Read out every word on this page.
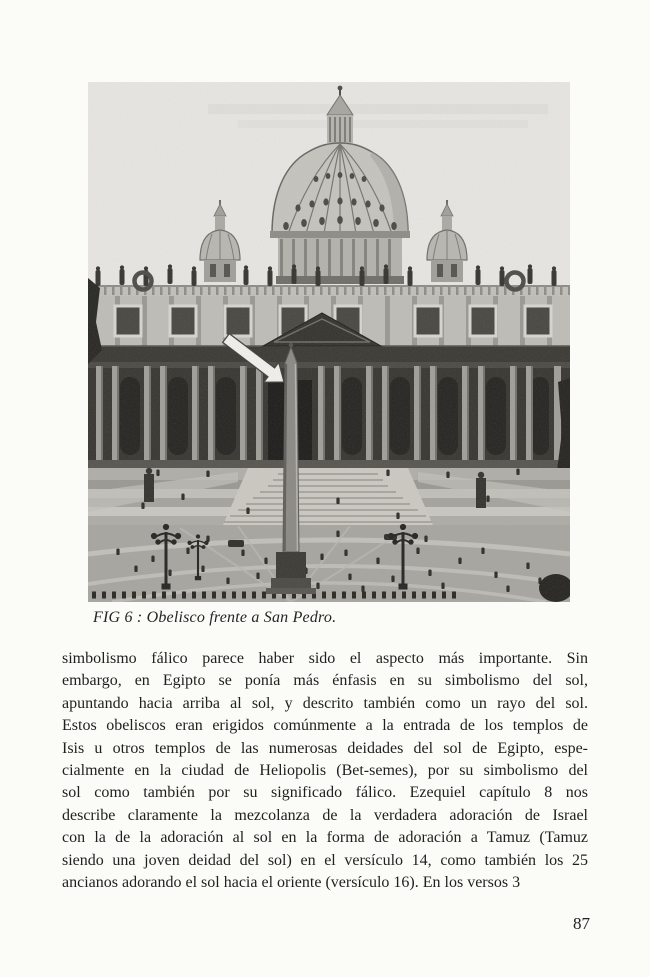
FIG 6 : Obelisco frente a San Pedro.
simbolismo fálico parece haber sido el aspecto más importante. Sin
embargo, en Egipto se ponía más énfasis en su simbolismo del sol,
apuntando hacia arriba al sol, y descrito también como un rayo del sol.
Estos obeliscos eran erigidos comúnmente a la entrada de los templos de
Isis u otros templos de las numerosas deidades del sol de Egipto, espe-
cialmente en la ciudad de Heliopolis (Bet-semes), por su simbolismo del
sol como también por su significado fálico. Ezequiel capítulo 8 nos
describe claramente la mezcolanza de la verdadera adoración de Israel
con la de la adoración al sol en la forma de adoración a Tamuz (Tamuz
siendo una joven deidad del sol) en el versículo 14, como también los 25
ancianos adorando el sol hacia el oriente (versículo 16). En los versos 3
87
